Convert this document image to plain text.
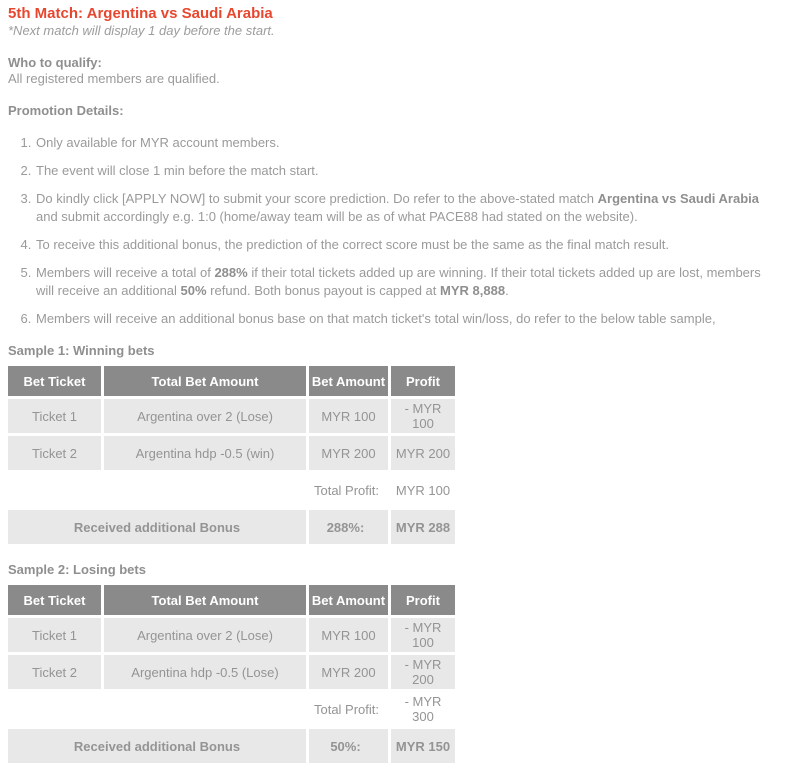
5th Match: Argentina vs Saudi Arabia

*Next match will display 1 day before the start.

Who to qualify:

All registered members are qualified.

Promotion Details:

1. Only available for MYR account members.
2. The event will close 1 min before the match start.
3. Do kindly click [APPLY NOW] to submit your score prediction. Do refer to the above-stated match Argentina vs Saudi Arabia and submit accordingly e.g. 1:0 (home/away team will be as of what PACE88 had stated on the website).
4. To receive this additional bonus, the prediction of the correct score must be the same as the final match result.
5. Members will receive a total of 288% if their total tickets added up are winning. If their total tickets added up are lost, members will receive an additional 50% refund. Both bonus payout is capped at MYR 8,888.
6. Members will receive an additional bonus base on that match ticket's total win/loss, do refer to the below table sample,

Sample 1: Winning bets

Bet Ticket	Total Bet Amount	Bet Amount	Profit
Ticket 1	Argentina over 2 (Lose)	MYR 100	- MYR 100
Ticket 2	Argentina hdp -0.5 (win)	MYR 200	MYR 200
		Total Profit:	MYR 100
Received additional Bonus		288%:	MYR 288

Sample 2: Losing bets

Bet Ticket	Total Bet Amount	Bet Amount	Profit
Ticket 1	Argentina over 2 (Lose)	MYR 100	- MYR 100
Ticket 2	Argentina hdp -0.5 (Lose)	MYR 200	- MYR 200
		Total Profit:	- MYR 300
Received additional Bonus		50%:	MYR 150
